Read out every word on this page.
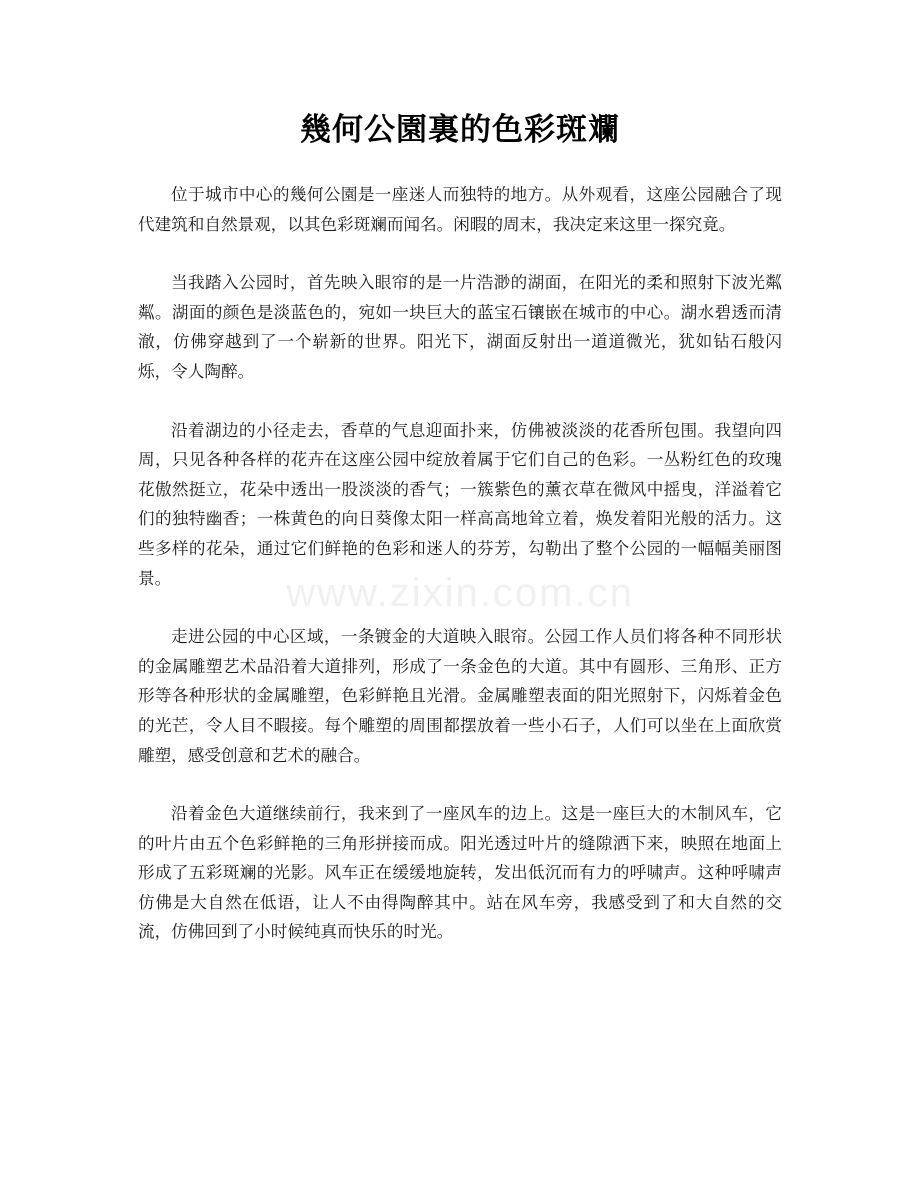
幾何公園裏的色彩斑斕

位于城市中心的幾何公園是一座迷人而独特的地方。从外观看，这座公园融合了现代建筑和自然景观，以其色彩斑斓而闻名。闲暇的周末，我决定来这里一探究竟。

当我踏入公园时，首先映入眼帘的是一片浩渺的湖面，在阳光的柔和照射下波光粼粼。湖面的颜色是淡蓝色的，宛如一块巨大的蓝宝石镶嵌在城市的中心。湖水碧透而清澈，仿佛穿越到了一个崭新的世界。阳光下，湖面反射出一道道微光，犹如钻石般闪烁，令人陶醉。

沿着湖边的小径走去，香草的气息迎面扑来，仿佛被淡淡的花香所包围。我望向四周，只见各种各样的花卉在这座公园中绽放着属于它们自己的色彩。一丛粉红色的玫瑰花傲然挺立，花朵中透出一股淡淡的香气；一簇紫色的薰衣草在微风中摇曳，洋溢着它们的独特幽香；一株黄色的向日葵像太阳一样高高地耸立着，焕发着阳光般的活力。这些多样的花朵，通过它们鲜艳的色彩和迷人的芬芳，勾勒出了整个公园的一幅幅美丽图景。

走进公园的中心区域，一条镀金的大道映入眼帘。公园工作人员们将各种不同形状的金属雕塑艺术品沿着大道排列，形成了一条金色的大道。其中有圆形、三角形、正方形等各种形状的金属雕塑，色彩鲜艳且光滑。金属雕塑表面的阳光照射下，闪烁着金色的光芒，令人目不暇接。每个雕塑的周围都摆放着一些小石子，人们可以坐在上面欣赏雕塑，感受创意和艺术的融合。

沿着金色大道继续前行，我来到了一座风车的边上。这是一座巨大的木制风车，它的叶片由五个色彩鲜艳的三角形拼接而成。阳光透过叶片的缝隙洒下来，映照在地面上形成了五彩斑斓的光影。风车正在缓缓地旋转，发出低沉而有力的呼啸声。这种呼啸声仿佛是大自然在低语，让人不由得陶醉其中。站在风车旁，我感受到了和大自然的交流，仿佛回到了小时候纯真而快乐的时光。

www.zixin.com.cn
